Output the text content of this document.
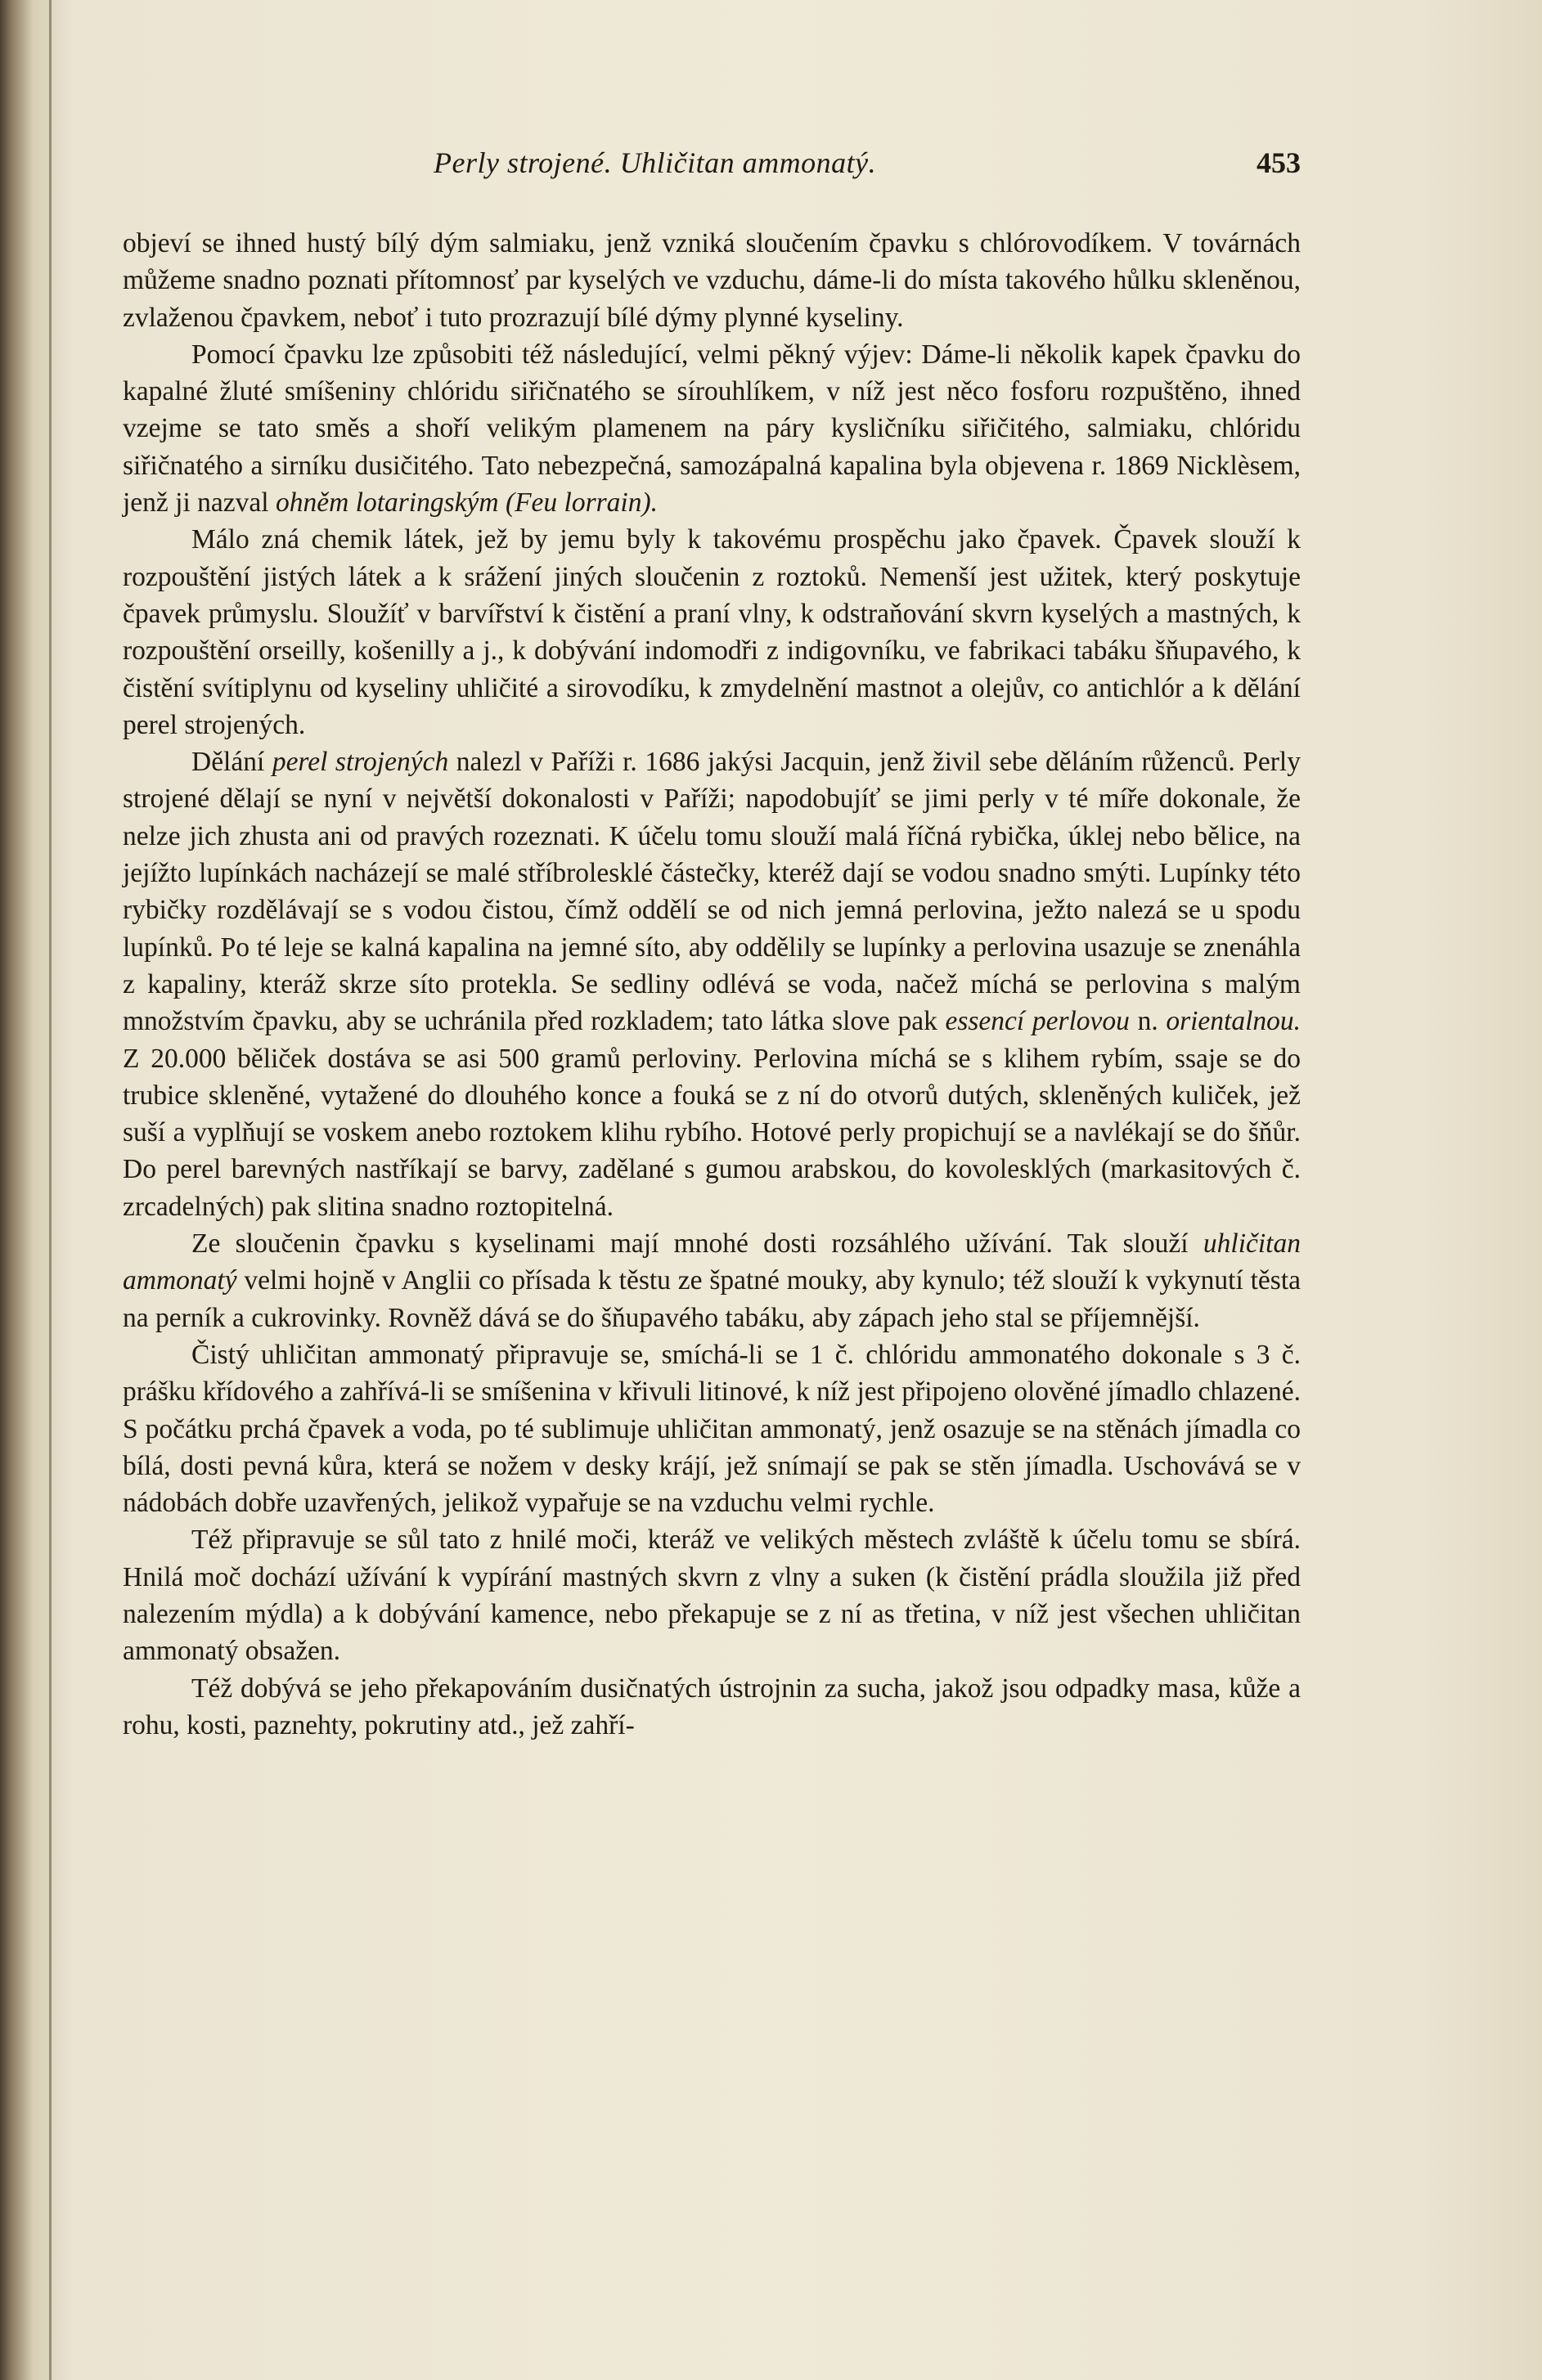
Perly strojené. Uhličitan ammonatý.	453

objeví se ihned hustý bílý dým salmiaku, jenž vzniká sloučením čpavku s chlórovodíkem. V továrnách můžeme snadno poznati přítomnosť par kyselých ve vzduchu, dáme-li do místa takového hůlku skleněnou, zvlaženou čpavkem, neboť i tuto prozrazují bílé dýmy plynné kyseliny.

Pomocí čpavku lze způsobiti též následující, velmi pěkný výjev: Dáme-li několik kapek čpavku do kapalné žluté smíšeniny chlóridu siřičnatého se sírouhlíkem, v níž jest něco fosforu rozpuštěno, ihned vzejme se tato směs a shoří velikým plamenem na páry kysličníku siřičitého, salmiaku, chlóridu siřičnatého a sirníku dusičitého. Tato nebezpečná, samozápalná kapalina byla objevena r. 1869 Nicklèsem, jenž ji nazval ohněm lotaringským (Feu lorrain).

Málo zná chemik látek, jež by jemu byly k takovému prospěchu jako čpavek. Čpavek slouží k rozpouštění jistých látek a k srážení jiných sloučenin z roztoků. Nemenší jest užitek, který poskytuje čpavek průmyslu. Sloužíť v barvířství k čistění a praní vlny, k odstraňování skvrn kyselých a mastných, k rozpouštění orseilly, košenilly a j., k dobývání indomodři z indigovníku, ve fabrikaci tabáku šňupavého, k čistění svítiplynu od kyseliny uhličité a sirovodíku, k zmydelnění mastnot a olejův, co antichlór a k dělání perel strojených.

Dělání perel strojených nalezl v Paříži r. 1686 jakýsi Jacquin, jenž živil sebe děláním růženců. Perly strojené dělají se nyní v největší dokonalosti v Paříži; napodobujíť se jimi perly v té míře dokonale, že nelze jich zhusta ani od pravých rozeznati. K účelu tomu slouží malá říčná rybička, úklej nebo bělice, na jejížto lupínkách nacházejí se malé stříbrolesklé částečky, kteréž dají se vodou snadno smýti. Lupínky této rybičky rozdělávají se s vodou čistou, čímž oddělí se od nich jemná perlovina, ježto nalezá se u spodu lupínků. Po té leje se kalná kapalina na jemné síto, aby oddělily se lupínky a perlovina usazuje se znenáhla z kapaliny, kteráž skrze síto protekla. Se sedliny odlévá se voda, načež míchá se perlovina s malým množstvím čpavku, aby se uchránila před rozkladem; tato látka slove pak essencí perlovou n. orientalnou. Z 20.000 běliček dostáva se asi 500 gramů perloviny. Perlovina míchá se s klihem rybím, ssaje se do trubice skleněné, vytažené do dlouhého konce a fouká se z ní do otvorů dutých, skleněných kuliček, jež suší a vyplňují se voskem anebo roztokem klihu rybího. Hotové perly propichují se a navlékají se do šňůr. Do perel barevných nastříkají se barvy, zadělané s gumou arabskou, do kovolesklých (markasitových č. zrcadelných) pak slitina snadno roztopitelná.

Ze sloučenin čpavku s kyselinami mají mnohé dosti rozsáhlého užívání. Tak slouží uhličitan ammonatý velmi hojně v Anglii co přísada k těstu ze špatné mouky, aby kynulo; též slouží k vykynutí těsta na perník a cukrovinky. Rovněž dává se do šňupavého tabáku, aby zápach jeho stal se příjemnější.

Čistý uhličitan ammonatý připravuje se, smíchá-li se 1 č. chlóridu ammonatého dokonale s 3 č. prášku křídového a zahřívá-li se smíšenina v křivuli litinové, k níž jest připojeno olověné jímadlo chlazené. S počátku prchá čpavek a voda, po té sublimuje uhličitan ammonatý, jenž osazuje se na stěnách jímadla co bílá, dosti pevná kůra, která se nožem v desky krájí, jež snímají se pak se stěn jímadla. Uschovává se v nádobách dobře uzavřených, jelikož vypařuje se na vzduchu velmi rychle.

Též připravuje se sůl tato z hnilé moči, kteráž ve velikých městech zvláště k účelu tomu se sbírá. Hnilá moč dochází užívání k vypírání mastných skvrn z vlny a suken (k čistění prádla sloužila již před nalezením mýdla) a k dobývání kamence, nebo překapuje se z ní as třetina, v níž jest všechen uhličitan ammonatý obsažen.

Též dobývá se jeho překapováním dusičnatých ústrojnin za sucha, jakož jsou odpadky masa, kůže a rohu, kosti, paznehty, pokrutiny atd., jež zahří-
